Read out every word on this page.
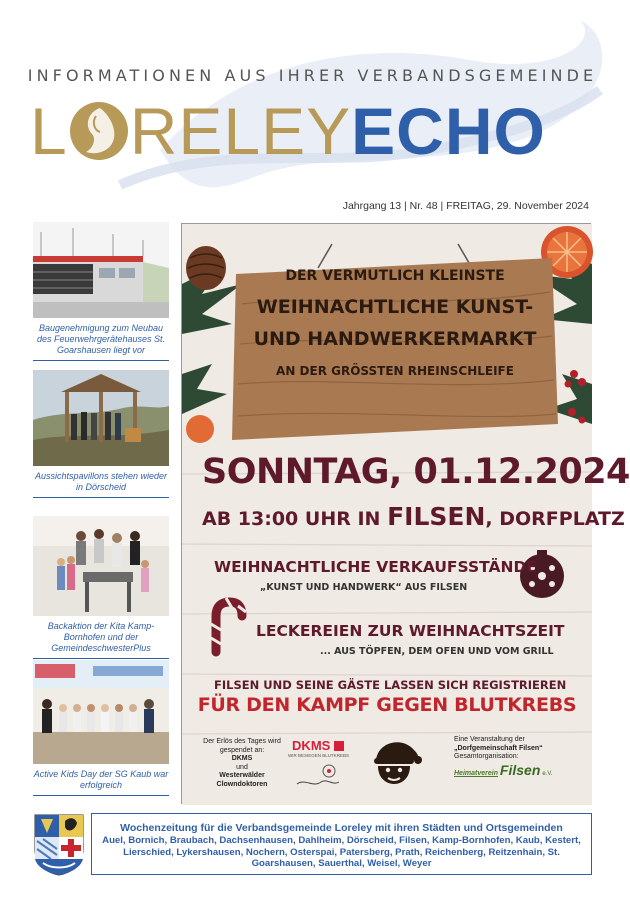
INFORMATIONEN AUS IHRER VERBANDSGEMEINDE
L RELEYECHO
Jahrgang 13 | Nr. 48 | FREITAG, 29. November 2024
Baugenehmigung zum Neubau des Feuerwehrgerätehauses St. Goarshausen liegt vor
Aussichtspavillons stehen wieder in Dörscheid
Backaktion der Kita Kamp-Bornhofen und der GemeindeschwesterPlus
Active Kids Day der SG Kaub war erfolgreich
DER VERMUTLICH KLEINSTE
WEIHNACHTLICHE KUNST-
UND HANDWERKERMARKT
AN DER GRÖSSTEN RHEINSCHLEIFE
SONNTAG, 01.12.2024
AB 13:00 UHR IN FILSEN, DORFPLATZ
WEIHNACHTLICHE VERKAUFSSTÄNDE
„KUNST UND HANDWERK“ AUS FILSEN
LECKEREIEN ZUR WEIHNACHTSZEIT
... AUS TÖPFEN, DEM OFEN UND VOM GRILL
FILSEN UND SEINE GÄSTE LASSEN SICH REGISTRIEREN
FÜR DEN KAMPF GEGEN BLUTKREBS
Der Erlös des Tages wird gespendet an:
DKMS
und
Westerwälder Clowndoktoren
DKMS
WIR BESIEGEN BLUTKREBS
Eine Veranstaltung der
„Dorfgemeinschaft Filsen“
Gesamtorganisation:
Heimatverein Filsen e.V.
Wochenzeitung für die Verbandsgemeinde Loreley mit ihren Städten und Ortsgemeinden
Auel, Bornich, Braubach, Dachsenhausen, Dahlheim, Dörscheid, Filsen, Kamp-Bornhofen, Kaub, Kestert, Lierschied, Lykershausen, Nochern, Osterspai, Patersberg, Prath, Reichenberg, Reitzenhain, St. Goarshausen, Sauerthal, Weisel, Weyer
